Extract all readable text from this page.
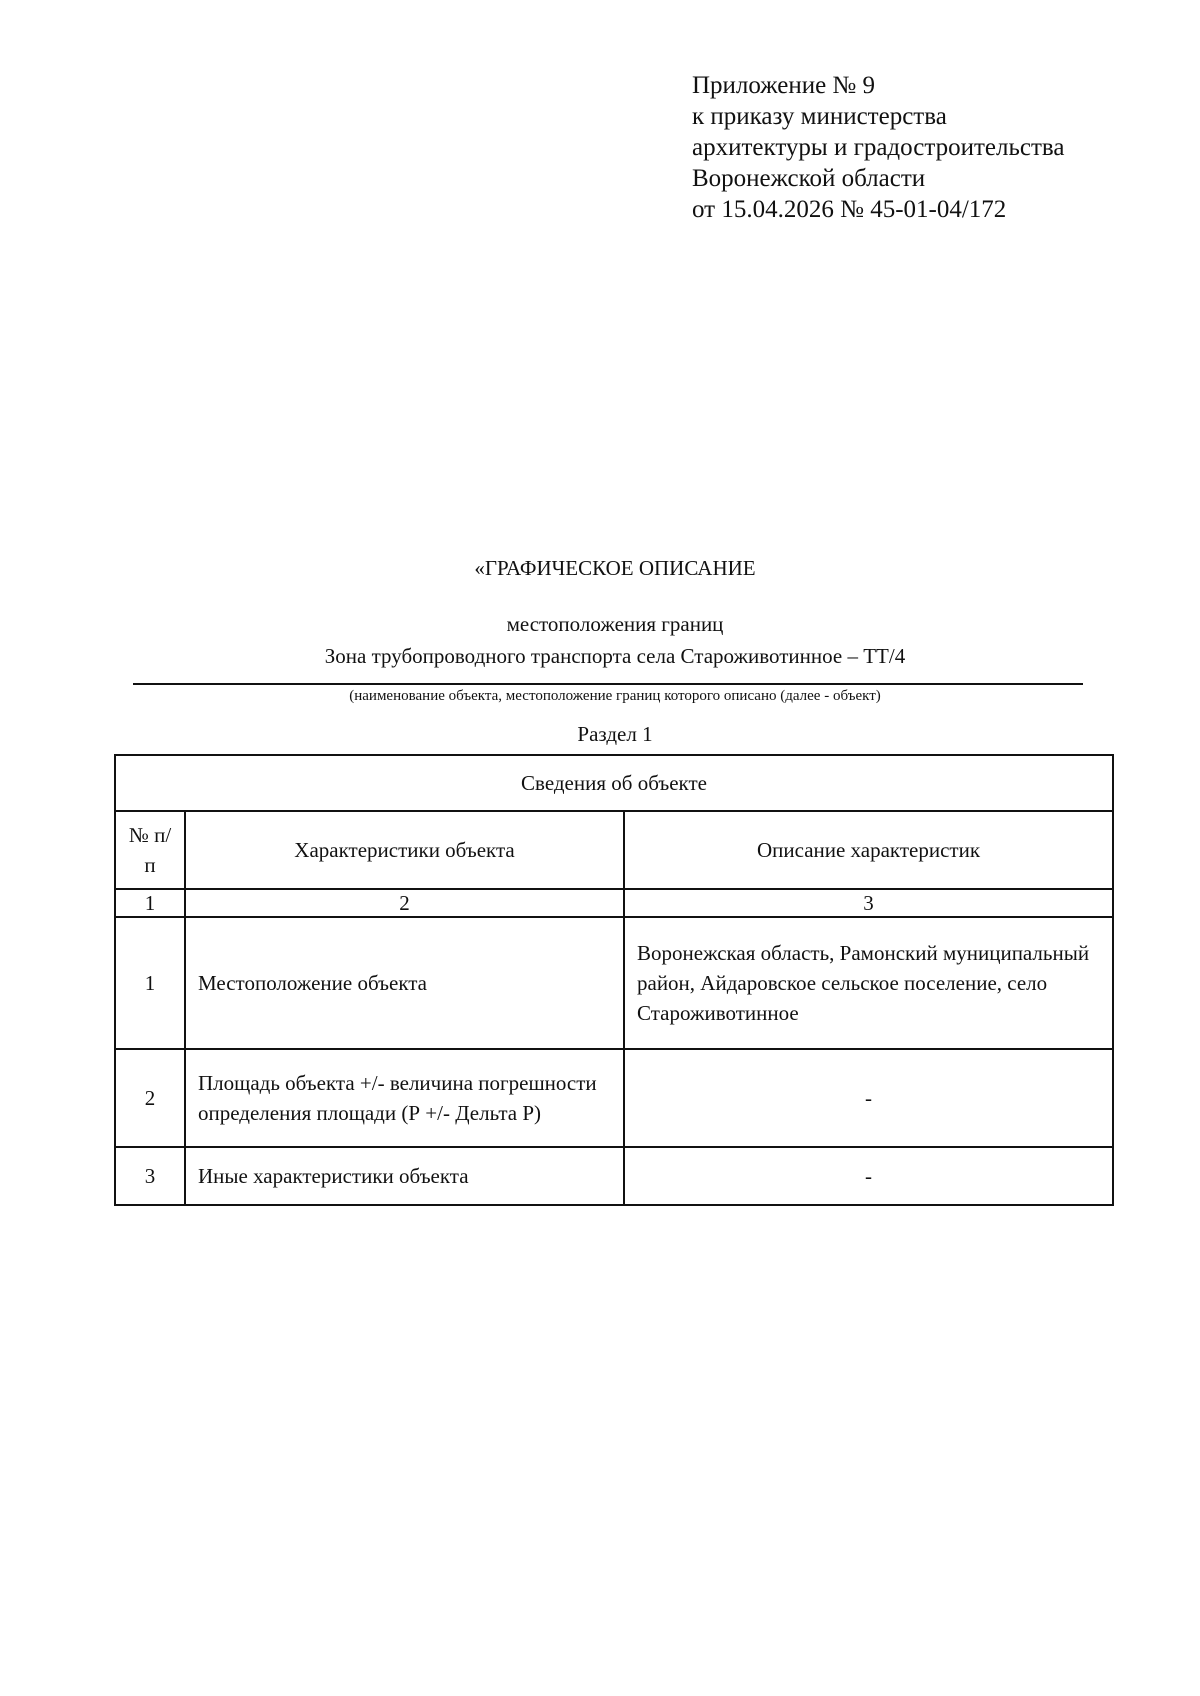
Приложение № 9
к приказу министерства
архитектуры и градостроительства
Воронежской области
от 15.04.2026 № 45-01-04/172
«ГРАФИЧЕСКОЕ ОПИСАНИЕ
местоположения границ
Зона трубопроводного транспорта села Староживотинное – ТТ/4
(наименование объекта, местоположение границ которого описано (далее - объект)
Раздел 1
Сведения об объекте		
№ п/п	Характеристики объекта	Описание характеристик
1	2	3
1	Местоположение объекта	Воронежская область, Рамонский муниципальный район, Айдаровское сельское поселение, село Староживотинное
2	Площадь объекта +/- величина погрешности определения площади (Р +/- Дельта Р)	-
3	Иные характеристики объекта	-
